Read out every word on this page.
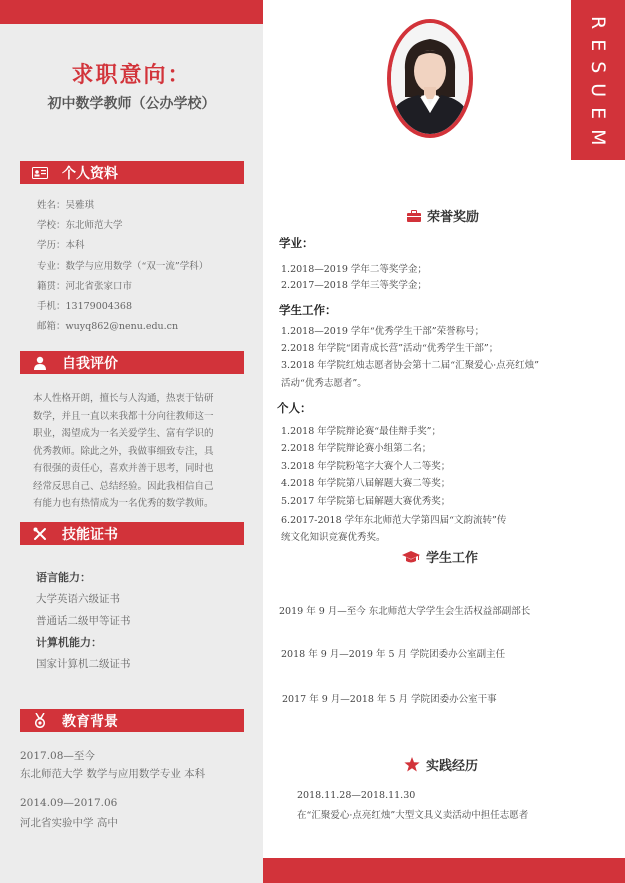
RESUEM
求职意向：
初中数学教师（公办学校）
个人资料
姓名：吴雅琪
学校：东北师范大学
学历：本科
专业：数学与应用数学（“双一流”学科）
籍贯：河北省张家口市
手机：13179004368
邮箱：wuyq862@nenu.edu.cn
自我评价
本人性格开朗，擅长与人沟通，热衷于钻研
数学，并且一直以来我都十分向往教师这一
职业，渴望成为一名关爱学生、富有学识的
优秀教师。除此之外，我做事细致专注，具
有很强的责任心，喜欢并善于思考，同时也
经常反思自己、总结经验。因此我相信自己
有能力也有热情成为一名优秀的数学教师。
技能证书
语言能力：
大学英语六级证书
普通话二级甲等证书
计算机能力：
国家计算机二级证书
教育背景
2017.08—至今
东北师范大学 数学与应用数学专业 本科
2014.09—2017.06
河北省实验中学 高中
荣誉奖励
学业：
1.2018—2019 学年二等奖学金；
2.2017—2018 学年三等奖学金；
学生工作：
1.2018—2019 学年“优秀学生干部”荣誉称号；
2.2018 年学院“团青成长营”活动“优秀学生干部”；
3.2018 年学院红烛志愿者协会第十二届“汇聚爱心·点亮红烛”
活动“优秀志愿者”。
个人：
1.2018 年学院辩论赛“最佳辩手奖”；
2.2018 年学院辩论赛小组第二名；
3.2018 年学院粉笔字大赛个人二等奖；
4.2018 年学院第八届解题大赛二等奖；
5.2017 年学院第七届解题大赛优秀奖；
6.2017-2018 学年东北师范大学第四届“文韵流转”传
统文化知识竞赛优秀奖。
学生工作
2019 年 9 月—至今 东北师范大学学生会生活权益部副部长
2018 年 9 月—2019 年 5 月 学院团委办公室副主任
2017 年 9 月—2018 年 5 月 学院团委办公室干事
实践经历
2018.11.28—2018.11.30
在“汇聚爱心·点亮红烛”大型文具义卖活动中担任志愿者
